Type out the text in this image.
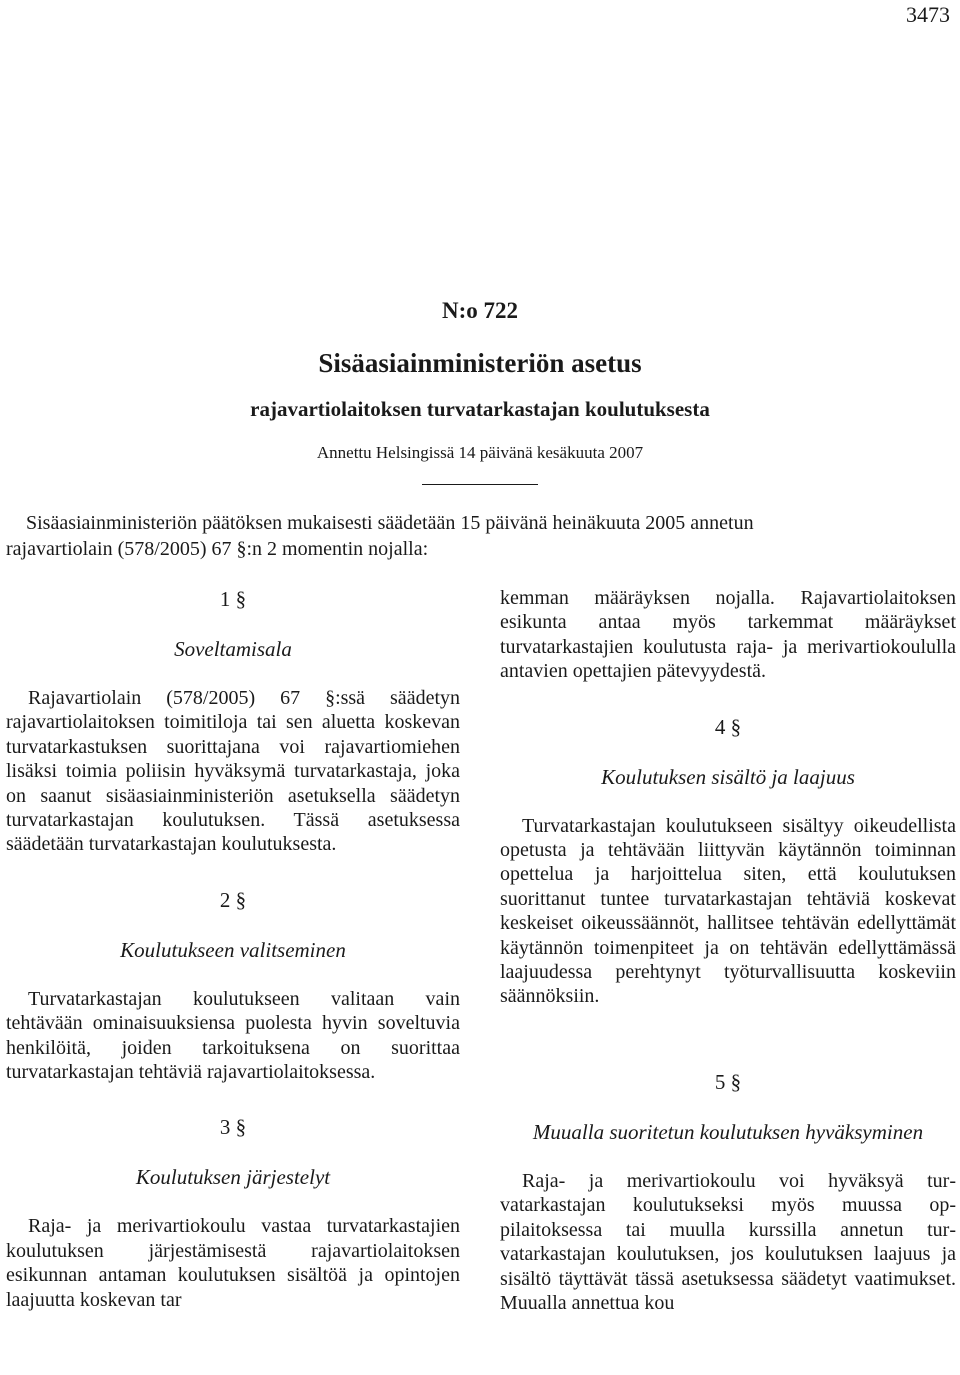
3473
N:o 722
Sisäasiainministeriön asetus
rajavartiolaitoksen turvatarkastajan koulutuksesta
Annettu Helsingissä 14 päivänä kesäkuuta 2007
Sisäasiainministeriön päätöksen mukaisesti säädetään 15 päivänä heinäkuuta 2005 annetun
rajavartiolain (578/2005) 67 §:n 2 momentin nojalla:
1 §
Soveltamisala

Rajavartiolain (578/2005) 67 §:ssä säädetyn rajavartiolaitoksen toimitiloja tai sen aluetta koskevan turvatarkastuksen suorittajana voi rajavartiomiehen lisäksi toimia poliisin hyväksymä turvatarkastaja, joka on saanut sisäasiainministeriön asetuksella säädetyn turvatarkastajan koulutuksen. Tässä asetuksessa säädetään turvatarkastajan koulutuksesta.

2 §
Koulutukseen valitseminen

Turvatarkastajan koulutukseen valitaan vain tehtävään ominaisuuksiensa puolesta hyvin soveltuvia henkilöitä, joiden tarkoituksena on suorittaa turvatarkastajan tehtäviä rajavartiolaitoksessa.

3 §
Koulutuksen järjestelyt

Raja- ja merivartiokoulu vastaa turvatarkastajien koulutuksen järjestämisestä rajavartiolaitoksen esikunnan antaman koulutuksen sisältöä ja opintojen laajuutta koskevan tar

kemman määräyksen nojalla. Rajavartiolaitoksen esikunta antaa myös tarkemmat määräykset turvatarkastajien koulutusta raja- ja merivartiokoululla antavien opettajien pätevyydestä.

4 §
Koulutuksen sisältö ja laajuus

Turvatarkastajan koulutukseen sisältyy oikeudellista opetusta ja tehtävään liittyvän käytännön toiminnan opettelua ja harjoittelua siten, että koulutuksen suorittanut tuntee turvatarkastajan tehtäviä koskevat keskeiset oikeussäännöt, hallitsee tehtävän edellyttämät käytännön toimenpiteet ja on tehtävän edellyttämässä laajuudessa perehtynyt työturvallisuutta koskeviin säännöksiin.

5 §
Muualla suoritetun koulutuksen hyväksyminen

Raja- ja merivartiokoulu voi hyväksyä turvatarkastajan koulutukseksi myös muussa oppilaitoksessa tai muulla kurssilla annetun turvatarkastajan koulutuksen, jos koulutuksen laajuus ja sisältö täyttävät tässä asetuksessa säädetyt vaatimukset. Muualla annettua kou
